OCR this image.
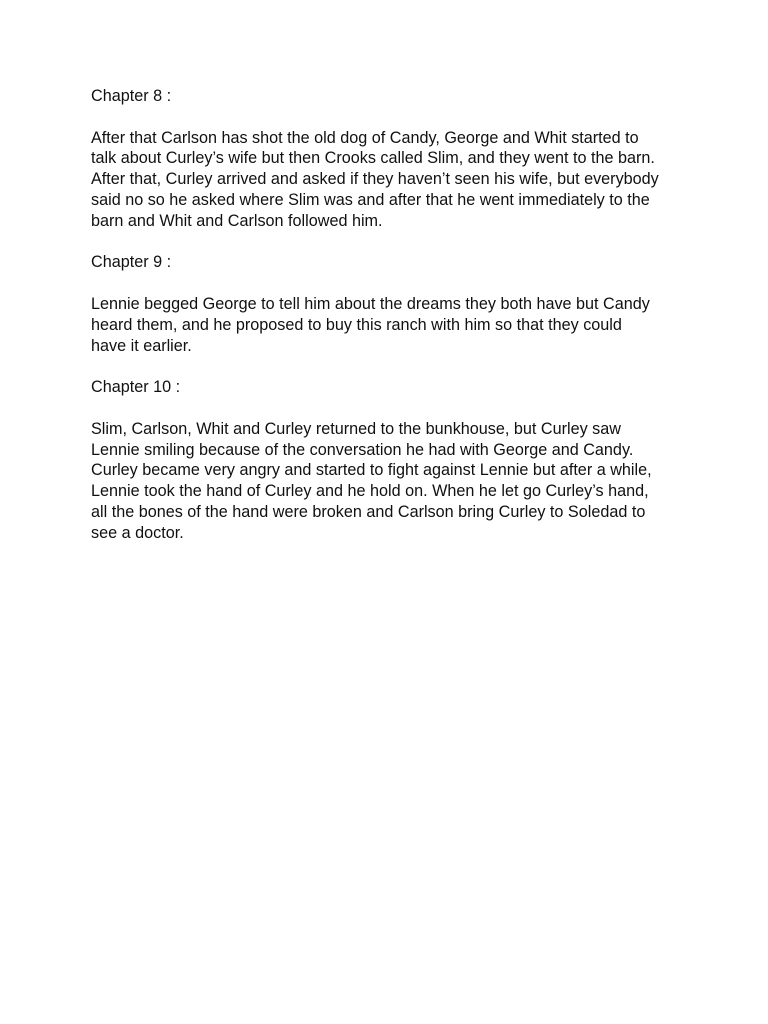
Chapter 8 :

After that Carlson has shot the old dog of Candy, George and Whit started to
talk about Curley’s wife but then Crooks called Slim, and they went to the barn.
After that, Curley arrived and asked if they haven’t seen his wife, but everybody
said no so he asked where Slim was and after that he went immediately to the
barn and Whit and Carlson followed him.

Chapter 9 :

Lennie begged George to tell him about the dreams they both have but Candy
heard them, and he proposed to buy this ranch with him so that they could
have it earlier.

Chapter 10 :

Slim, Carlson, Whit and Curley returned to the bunkhouse, but Curley saw
Lennie smiling because of the conversation he had with George and Candy.
Curley became very angry and started to fight against Lennie but after a while,
Lennie took the hand of Curley and he hold on. When he let go Curley’s hand,
all the bones of the hand were broken and Carlson bring Curley to Soledad to
see a doctor.
